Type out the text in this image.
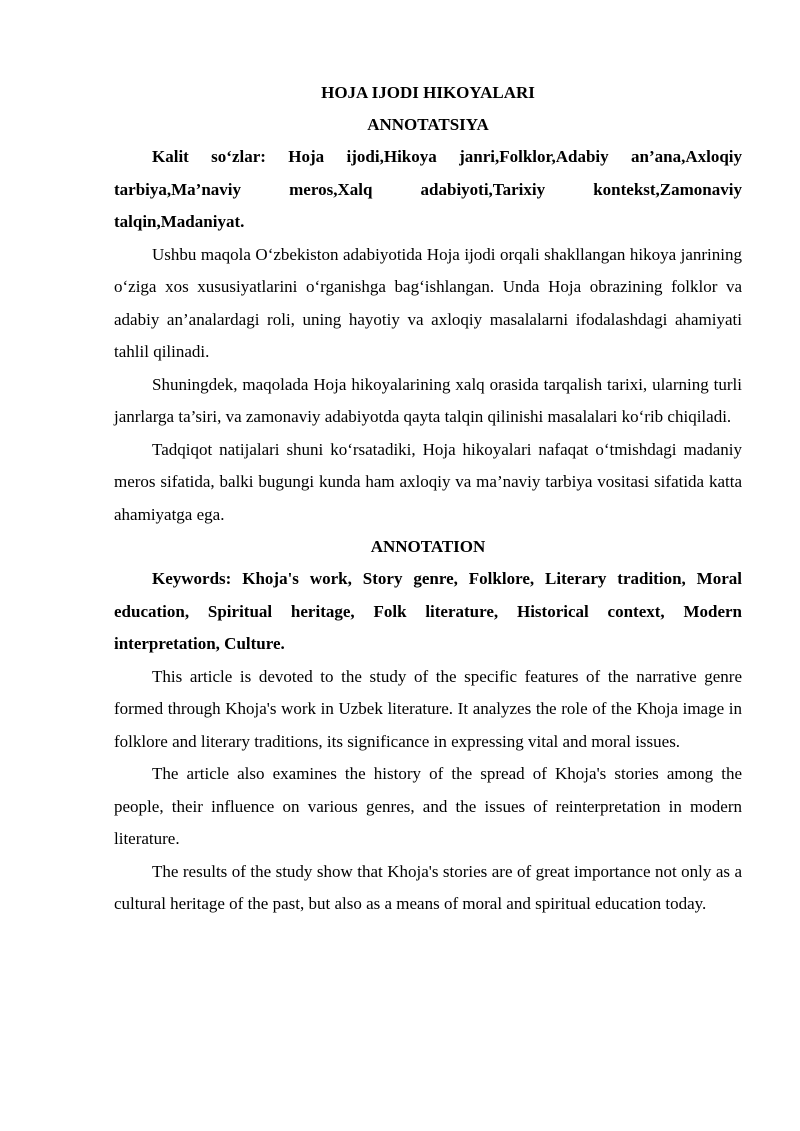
HOJA IJODI HIKOYALARI
ANNOTATSIYA

Kalit so‘zlar: Hoja ijodi,Hikoya janri,Folklor,Adabiy an’ana,Axloqiy tarbiya,Ma’naviy meros,Xalq adabiyoti,Tarixiy kontekst,Zamonaviy talqin,Madaniyat.

Ushbu maqola O‘zbekiston adabiyotida Hoja ijodi orqali shakllangan hikoya janrining o‘ziga xos xususiyatlarini o‘rganishga bag‘ishlangan. Unda Hoja obrazining folklor va adabiy an’analardagi roli, uning hayotiy va axloqiy masalalarni ifodalashdagi ahamiyati tahlil qilinadi.

Shuningdek, maqolada Hoja hikoyalarining xalq orasida tarqalish tarixi, ularning turli janrlarga ta’siri, va zamonaviy adabiyotda qayta talqin qilinishi masalalari ko‘rib chiqiladi.

Tadqiqot natijalari shuni ko‘rsatadiki, Hoja hikoyalari nafaqat o‘tmishdagi madaniy meros sifatida, balki bugungi kunda ham axloqiy va ma’naviy tarbiya vositasi sifatida katta ahamiyatga ega.

ANNOTATION

Keywords: Khoja's work, Story genre, Folklore, Literary tradition, Moral education, Spiritual heritage, Folk literature, Historical context, Modern interpretation, Culture.

This article is devoted to the study of the specific features of the narrative genre formed through Khoja's work in Uzbek literature. It analyzes the role of the Khoja image in folklore and literary traditions, its significance in expressing vital and moral issues.

The article also examines the history of the spread of Khoja's stories among the people, their influence on various genres, and the issues of reinterpretation in modern literature.

The results of the study show that Khoja's stories are of great importance not only as a cultural heritage of the past, but also as a means of moral and spiritual education today.
